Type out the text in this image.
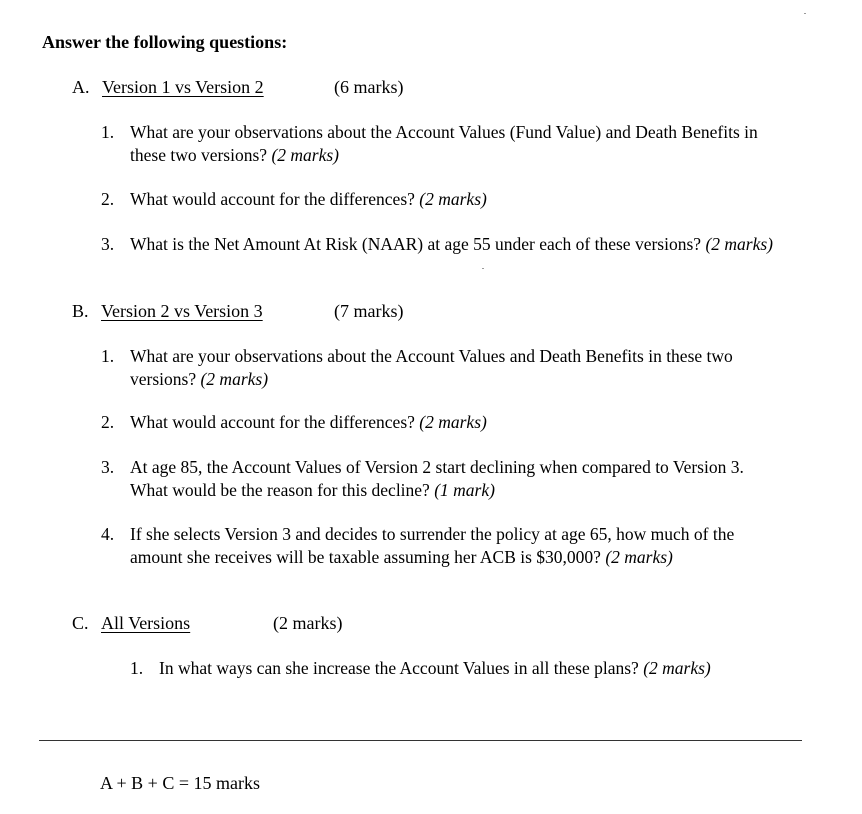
Answer the following questions:
A. Version 1 vs Version 2	(6 marks)
1. What are your observations about the Account Values (Fund Value) and Death Benefits in
these two versions? (2 marks)
2. What would account for the differences? (2 marks)
3. What is the Net Amount At Risk (NAAR) at age 55 under each of these versions? (2 marks)
B. Version 2 vs Version 3	(7 marks)
1. What are your observations about the Account Values and Death Benefits in these two
versions? (2 marks)
2. What would account for the differences? (2 marks)
3. At age 85, the Account Values of Version 2 start declining when compared to Version 3.
What would be the reason for this decline? (1 mark)
4. If she selects Version 3 and decides to surrender the policy at age 65, how much of the
amount she receives will be taxable assuming her ACB is $30,000? (2 marks)
C. All Versions	(2 marks)
1. In what ways can she increase the Account Values in all these plans? (2 marks)
A + B + C = 15 marks
